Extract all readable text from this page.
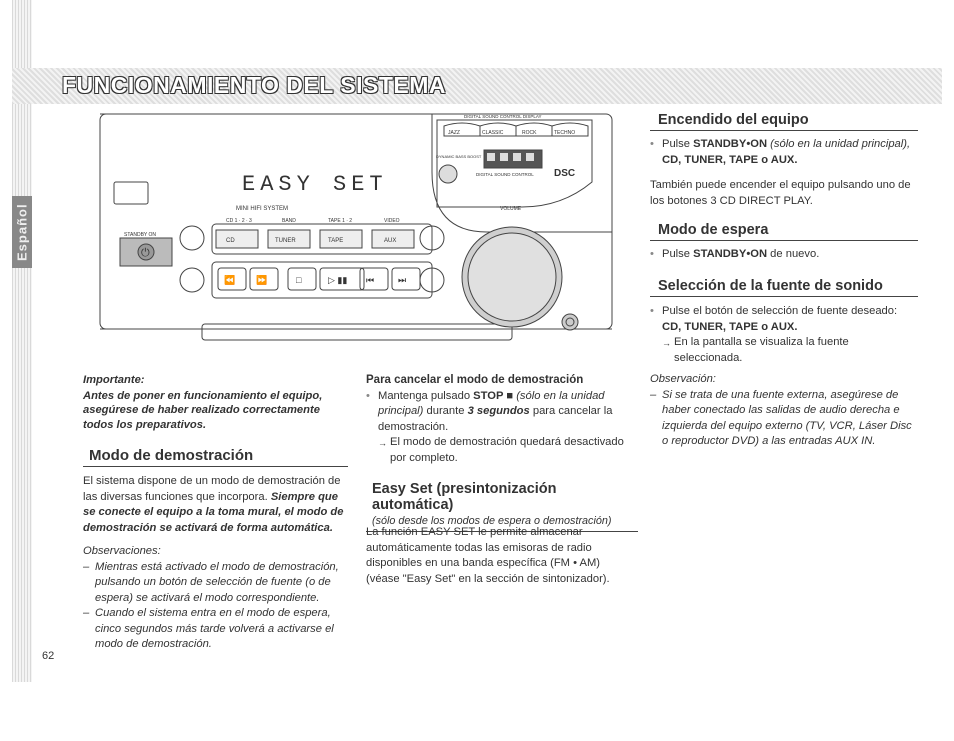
Español
FUNCIONAMIENTO DEL SISTEMA
DIGITAL SOUND CONTROL DISPLAY
JAZZ	CLASSIC	ROCK	TECHNO
DYNAMIC BASS BOOST
DIGITAL SOUND CONTROL DSC
EASY SET
MINI HIFI SYSTEM	VOLUME
STANDBY ON
⏻
CD 1 · 2 · 3	BAND	TAPE 1 · 2	VIDEO
CD	TUNER	TAPE	AUX
⏪ ⏩	□	▷ ▮▮ ⏮	⏭

Importante:

Antes de poner en funcionamiento el equipo, asegúrese de haber realizado correctamente todos los preparativos.

Modo de demostración

El sistema dispone de un modo de demostración de las diversas funciones que incorpora. Siempre que se conecte el equipo a la toma mural, el modo de demostración se activará de forma automática.

Observaciones:

– Mientras está activado el modo de demostración, pulsando un botón de selección de fuente (o de espera) se activará el modo correspondiente.

– Cuando el sistema entra en el modo de espera, cinco segundos más tarde volverá a activarse el modo de demostración.

Para cancelar el modo de demostración

• Mantenga pulsado STOP ■ (sólo en la unidad principal) durante 3 segundos para cancelar la demostración.

→ El modo de demostración quedará desactivado por completo.

Easy Set (presintonización automática)

(sólo desde los modos de espera o demostración)

La función EASY SET le permite almacenar automáticamente todas las emisoras de radio disponibles en una banda específica (FM • AM) (véase "Easy Set" en la sección de sintonizador).

Encendido del equipo

• Pulse STANDBY•ON (sólo en la unidad principal), CD, TUNER, TAPE o AUX.

También puede encender el equipo pulsando uno de los botones 3 CD DIRECT PLAY.

Modo de espera

• Pulse STANDBY•ON de nuevo.

Selección de la fuente de sonido

• Pulse el botón de selección de fuente deseado: CD, TUNER, TAPE o AUX.

→ En la pantalla se visualiza la fuente seleccionada.

Observación:

– Si se trata de una fuente externa, asegúrese de haber conectado las salidas de audio derecha e izquierda del equipo externo (TV, VCR, Láser Disc o reproductor DVD) a las entradas AUX IN.

62
